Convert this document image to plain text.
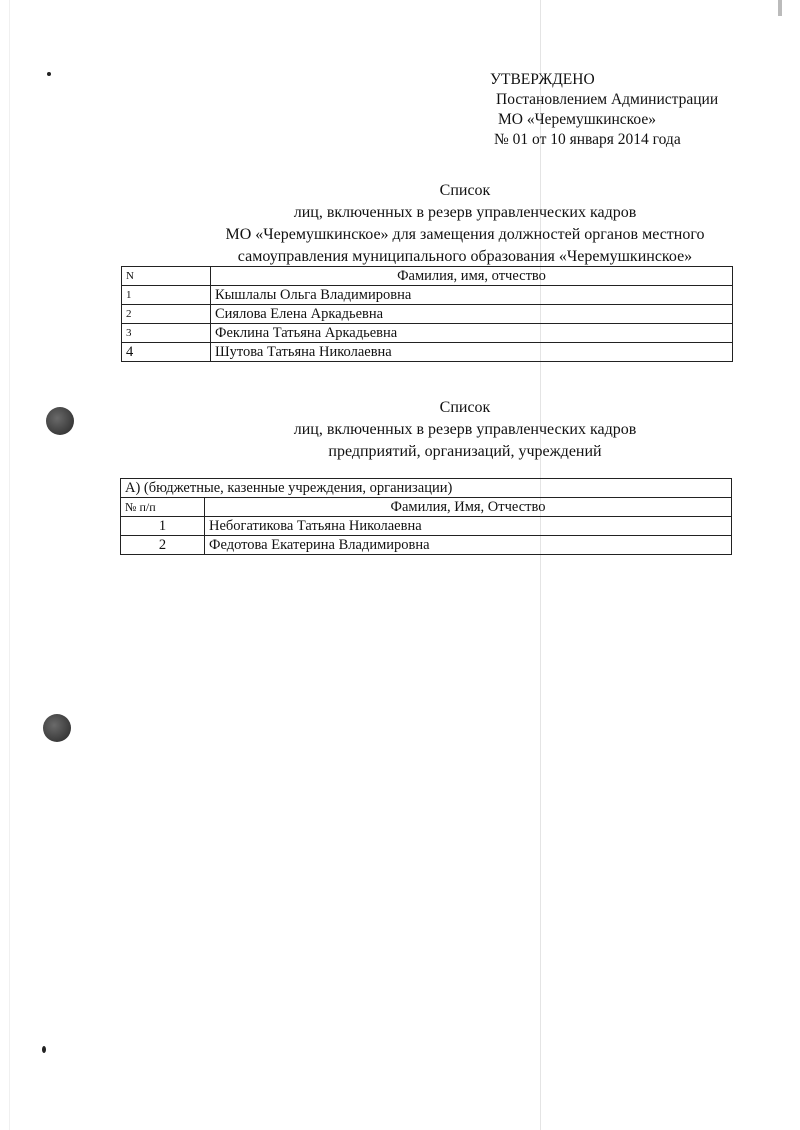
УТВЕРЖДЕНО
Постановлением Администрации
МО «Черемушкинское»
№ 01 от 10 января 2014 года
Список
лиц, включенных в резерв управленческих кадров
МО «Черемушкинское» для замещения должностей органов местного
самоуправления муниципального образования «Черемушкинское»
N	Фамилия, имя, отчество
1	Кышлалы Ольга Владимировна
2	Сиялова Елена Аркадьевна
3	Феклина Татьяна Аркадьевна
4	Шутова Татьяна Николаевна
Список
лиц, включенных в резерв управленческих кадров
предприятий, организаций, учреждений
А) (бюджетные, казенные учреждения, организации)	
№ п/п	Фамилия, Имя, Отчество
1	Небогатикова Татьяна Николаевна
2	Федотова Екатерина Владимировна
